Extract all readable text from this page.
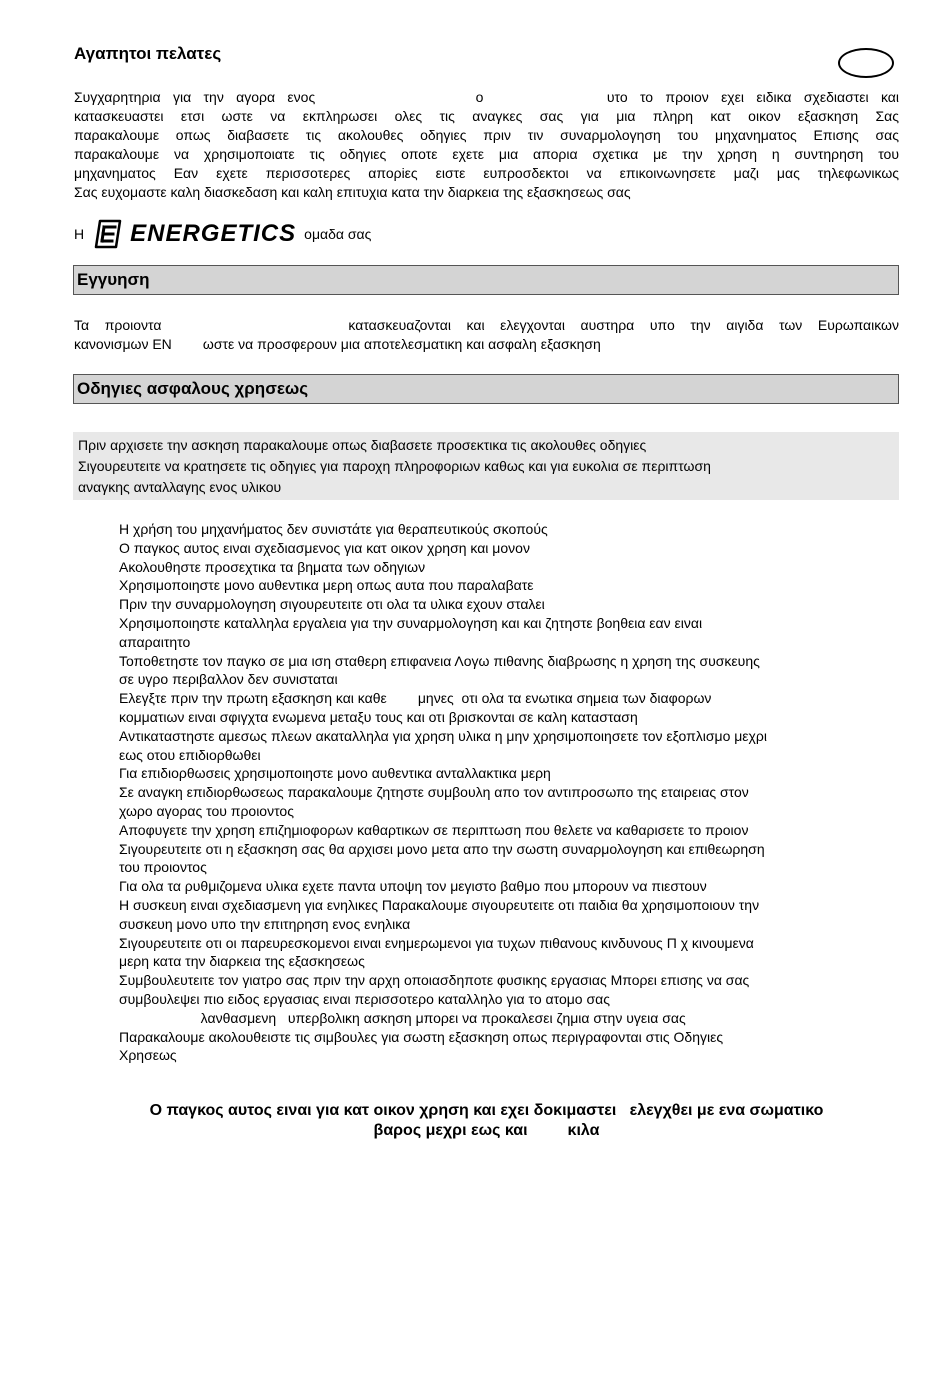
Αγαπητοι πελατες
Συγχαρητηρια  για  την  αγορα  ενος                          ο                    υτο  το  προιον  εχει  ειδικα  σχεδιαστει  και
κατασκευαστει ετσι ωστε να εκπληρωσει ολες τις αναγκες σας για μια πληρη κατ οικον εξασκηση Σας
παρακαλουμε οπως διαβασετε τις ακολουθες οδηγιες πριν τιν συναρμολογηση του μηχανηματος Επισης σας
παρακαλουμε να χρησιμοποιατε τις οδηγιες οποτε εχετε μια απορια σχετικα με την χρηση η συντηρηση του
μηχανηματος Εαν εχετε περισσοτερες απορiες ειστε ευπροσδεκτοι να επικοινωνησετε μαζι μας τηλεφωνικως
Σας ευχομαστε καλη διασκεδαση και καλη επιτυχια κατα την διαρκεια της εξασκησεως σας
Η ENERGETICS ομαδα σας
Εγγυηση
Τα  προιοντα                        κατασκευαζονται  και  ελεγχονται  αυστηρα  υπο  την  αιγιδα  των  Ευρωπαικων
κανονισμων EN        ωστε να προσφερουν μια αποτελεσματικη και ασφαλη εξασκηση
Οδηγιες ασφαλους χρησεως
Πριν αρχισετε την ασκηση παρακαλουμε οπως διαβασετε προσεκτικα τις ακολουθες οδηγιες
Σιγουρευτειτε να κρατησετε τις οδηγιες για παροχη πληροφοριων καθως και για ευκολια σε περιπτωση
αναγκης ανταλλαγης ενος υλικου
Η χρήση του μηχανήματος δεν συνιστάτε για θεραπευτικούς σκοπούς
Ο παγκος αυτος ειναι σχεδιασμενος για κατ οικον χρηση και μονον
Ακολουθηστε προσεχτικα τα βηματα των οδηγιων
Χρησιμοποιηστε μονο αυθεντικα μερη οπως αυτα που παραλαβατε
Πριν την συναρμολογηση σιγουρευτειτε οτι ολα τα υλικα εχουν σταλει
Χρησιμοποιηστε καταλληλα εργαλεια για την συναρμολογηση και και ζητηστε βοηθεια εαν ειναι
απαραιτητο
Τοποθετηστε τον παγκο σε μια ιση σταθερη επιφανεια Λογω πιθανης διαβρωσης η χρηση της συσκευης
σε υγρο περιβαλλον δεν συνισταται
Ελεγξτε πριν την πρωτη εξασκηση και καθε        μηνες  οτι ολα τα ενωτικα σημεια των διαφορων
κομματιων ειναι σφιγχτα ενωμενα μεταξυ τους και οτι βρισκονται σε καλη κατασταση
Αντικαταστηστε αμεσως πλεων ακαταλληλα για χρηση υλικα η μην χρησιμοποιησετε τον εξοπλισμο μεχρι
εως οτου επιδιορθωθει
Για επιδιορθωσεις χρησιμοποιηστε μονο αυθεντικα ανταλλακτικα μερη
Σε αναγκη επιδιορθωσεως παρακαλουμε ζητηστε συμβουλη απο τον αντιπροσωπο της εταιρειας στον
χωρο αγορας του προιοντος
Αποφυγετε την χρηση επιζημιοφορων καθαρτικων σε περιπτωση που θελετε να καθαρισετε το προιον
Σιγουρευτειτε οτι η εξασκηση σας θα αρχισει μονο μετα απο την σωστη συναρμολογηση και επιθεωρηση
του προιοντος
Για ολα τα ρυθμιζομενα υλικα εχετε παντα υποψη τον μεγιστο βαθμο που μπορουν να πιεστουν
Η συσκευη ειναι σχεδιασμενη για ενηλικες Παρακαλουμε σιγουρευτειτε οτι παιδια θα χρησιμοποιουν την
συσκευη μονο υπο την επιτηρηση ενος ενηλικα
Σιγουρευτειτε οτι οι παρευρεσκομενοι ειναι ενημερωμενοι για τυχων πιθανους κινδυνους Π χ κινουμενα
μερη κατα την διαρκεια της εξασκησεως
Συμβουλευτειτε τον γιατρο σας πριν την αρχη οποιασδηποτε φυσικης εργασιας Μπορει επισης να σας
συμβουλεψει πιο ειδος εργασιας ειναι περισσοτερο καταλληλο για το ατομο σας
λανθασμενη   υπερβολικη ασκηση μπορει να προκαλεσει ζημια στην υγεια σας
Παρακαλουμε ακολουθειστε τις σιμβουλες για σωστη εξασκηση οπως περιγραφονται στις Οδηγιες
Χρησεως
Ο παγκος αυτος ειναι για κατ οικον χρηση και εχει δοκιμαστει   ελεγχθει με ενα σωματικο
βαρος μεχρι εως και         κιλα
